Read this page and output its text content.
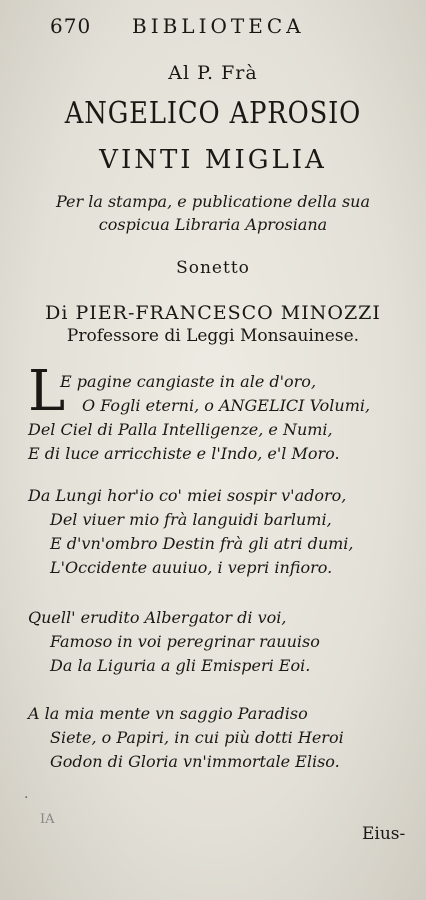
670 BIBLIOTECA
Al P. Frà
ANGELICO APROSIO
VINTI MIGLIA
Per la stampa, e publicatione della sua
cospicua Libraria Aprosiana
Sonetto
Di PIER-FRANCESCO MINOZZI
Professore di Leggi Monsauinese.
L
E pagine cangiaste in ale d'oro,
O Fogli eterni, o ANGELICI Volumi,
Del Ciel di Palla Intelligenze, e Numi,
E di luce arricchiste e l'Indo, e'l Moro.
Da Lungi hor'io co' miei sospir v'adoro,
Del viuer mio frà languidi barlumi,
E d'vn'ombro Destin frà gli atri dumi,
L'Occidente auuiuo, i vepri infioro.
Quell' erudito Albergator di voi,
Famoso in voi peregrinar rauuiso
Da la Liguria a gli Emisperi Eoi.
A la mia mente vn saggio Paradiso
Siete, o Papiri, in cui più dotti Heroi
Godon di Gloria vn'immortale Eliso.
·
IA
Eius-
